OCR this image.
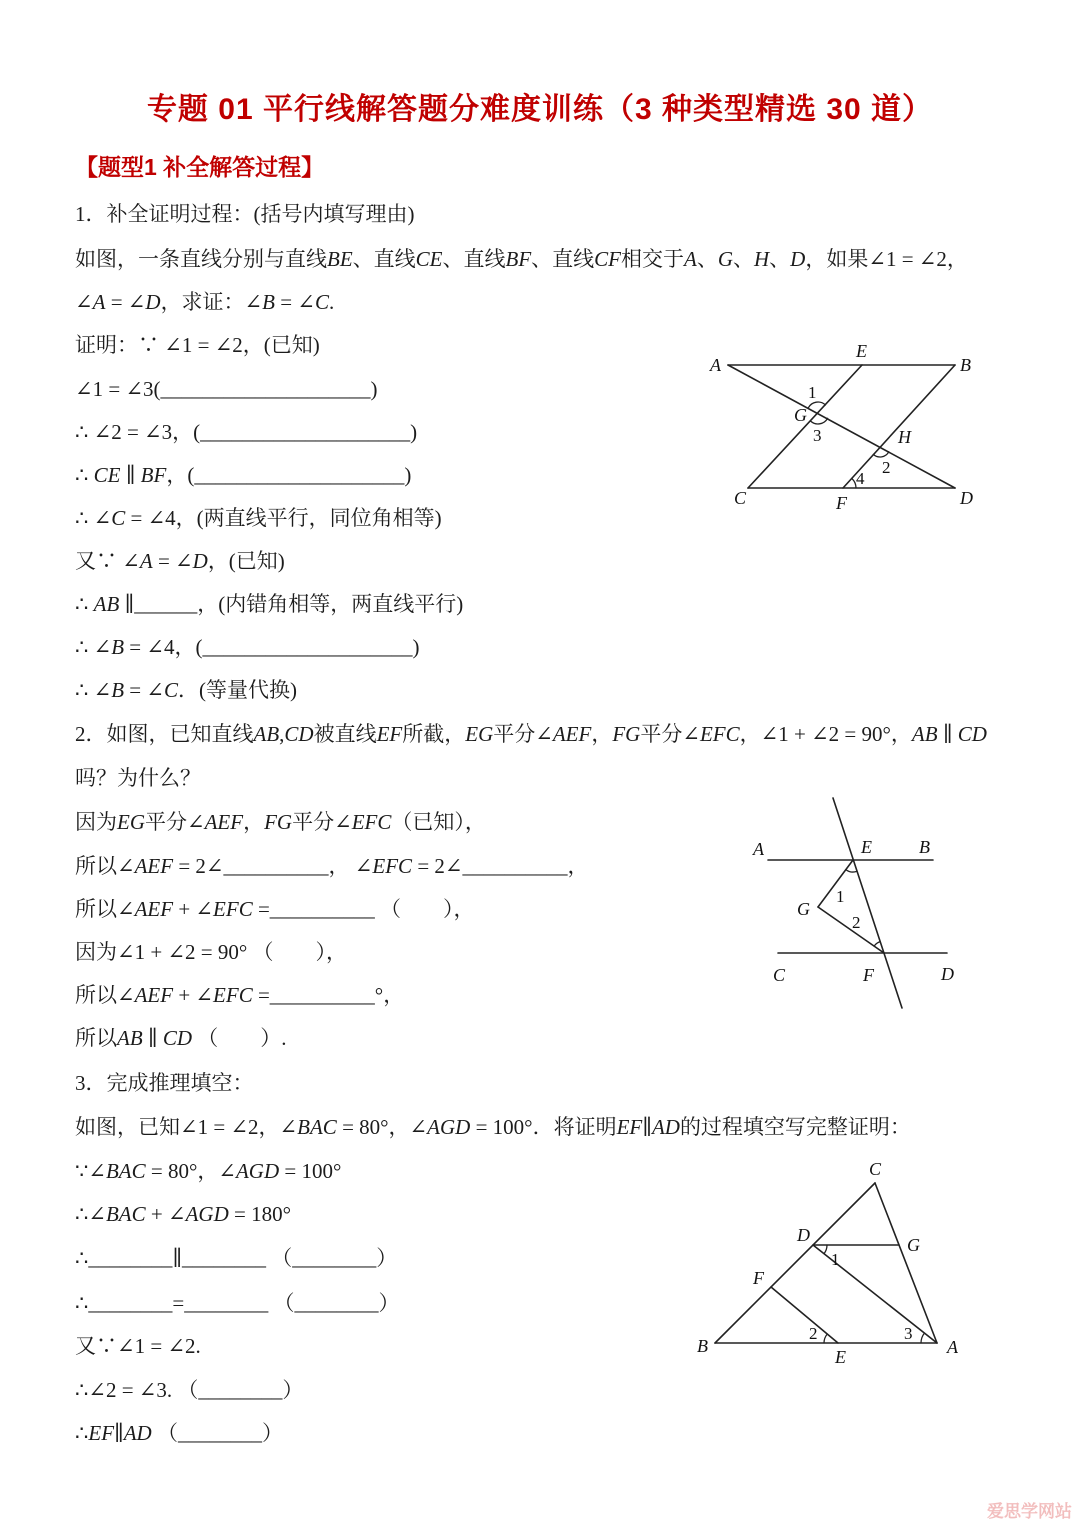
专题 01 平行线解答题分难度训练（3 种类型精选 30 道）
【题型1 补全解答过程】
1．补全证明过程：(括号内填写理由)
如图，一条直线分别与直线BE、直线CE、直线BF、直线CF相交于A、G、H、D，如果∠1 = ∠2，
∠A = ∠D，求证：∠B = ∠C.
证明：∵ ∠1 = ∠2，(已知)
∠1 = ∠3(____________________)
∴ ∠2 = ∠3，(____________________)
∴ CE ∥ BF，(____________________)
∴ ∠C = ∠4，(两直线平行，同位角相等)
又∵ ∠A = ∠D，(已知)
∴ AB ∥______，(内错角相等，两直线平行)
∴ ∠B = ∠4，(____________________)
∴ ∠B = ∠C．(等量代换)
2．如图，已知直线AB,CD被直线EF所截，EG平分∠AEF，FG平分∠EFC，∠1 + ∠2 = 90°，AB ∥ CD
吗？为什么？
因为EG平分∠AEF，FG平分∠EFC（已知），
所以∠AEF = 2∠__________， ∠EFC = 2∠__________，
所以∠AEF + ∠EFC =__________ （　　），
因为∠1 + ∠2 = 90° （　　），
所以∠AEF + ∠EFC =__________°，
所以AB ∥ CD （　　）.
3．完成推理填空：
如图，已知∠1 = ∠2，∠BAC = 80°，∠AGD = 100°．将证明EF∥AD的过程填空写完整证明：
∵∠BAC = 80°，∠AGD = 100°
∴∠BAC + ∠AGD = 180°
∴________∥________ （________）
∴________=________ （________）
又∵∠1 = ∠2.
∴∠2 = ∠3. （________）
∴EF∥AD （________）
A
E
B
G
H
C	F	D
1
3
2
4
A	E	B
G
C	F	D
1
2
C
D	G
F
B
E	A
1
2	3
爱思学网站
